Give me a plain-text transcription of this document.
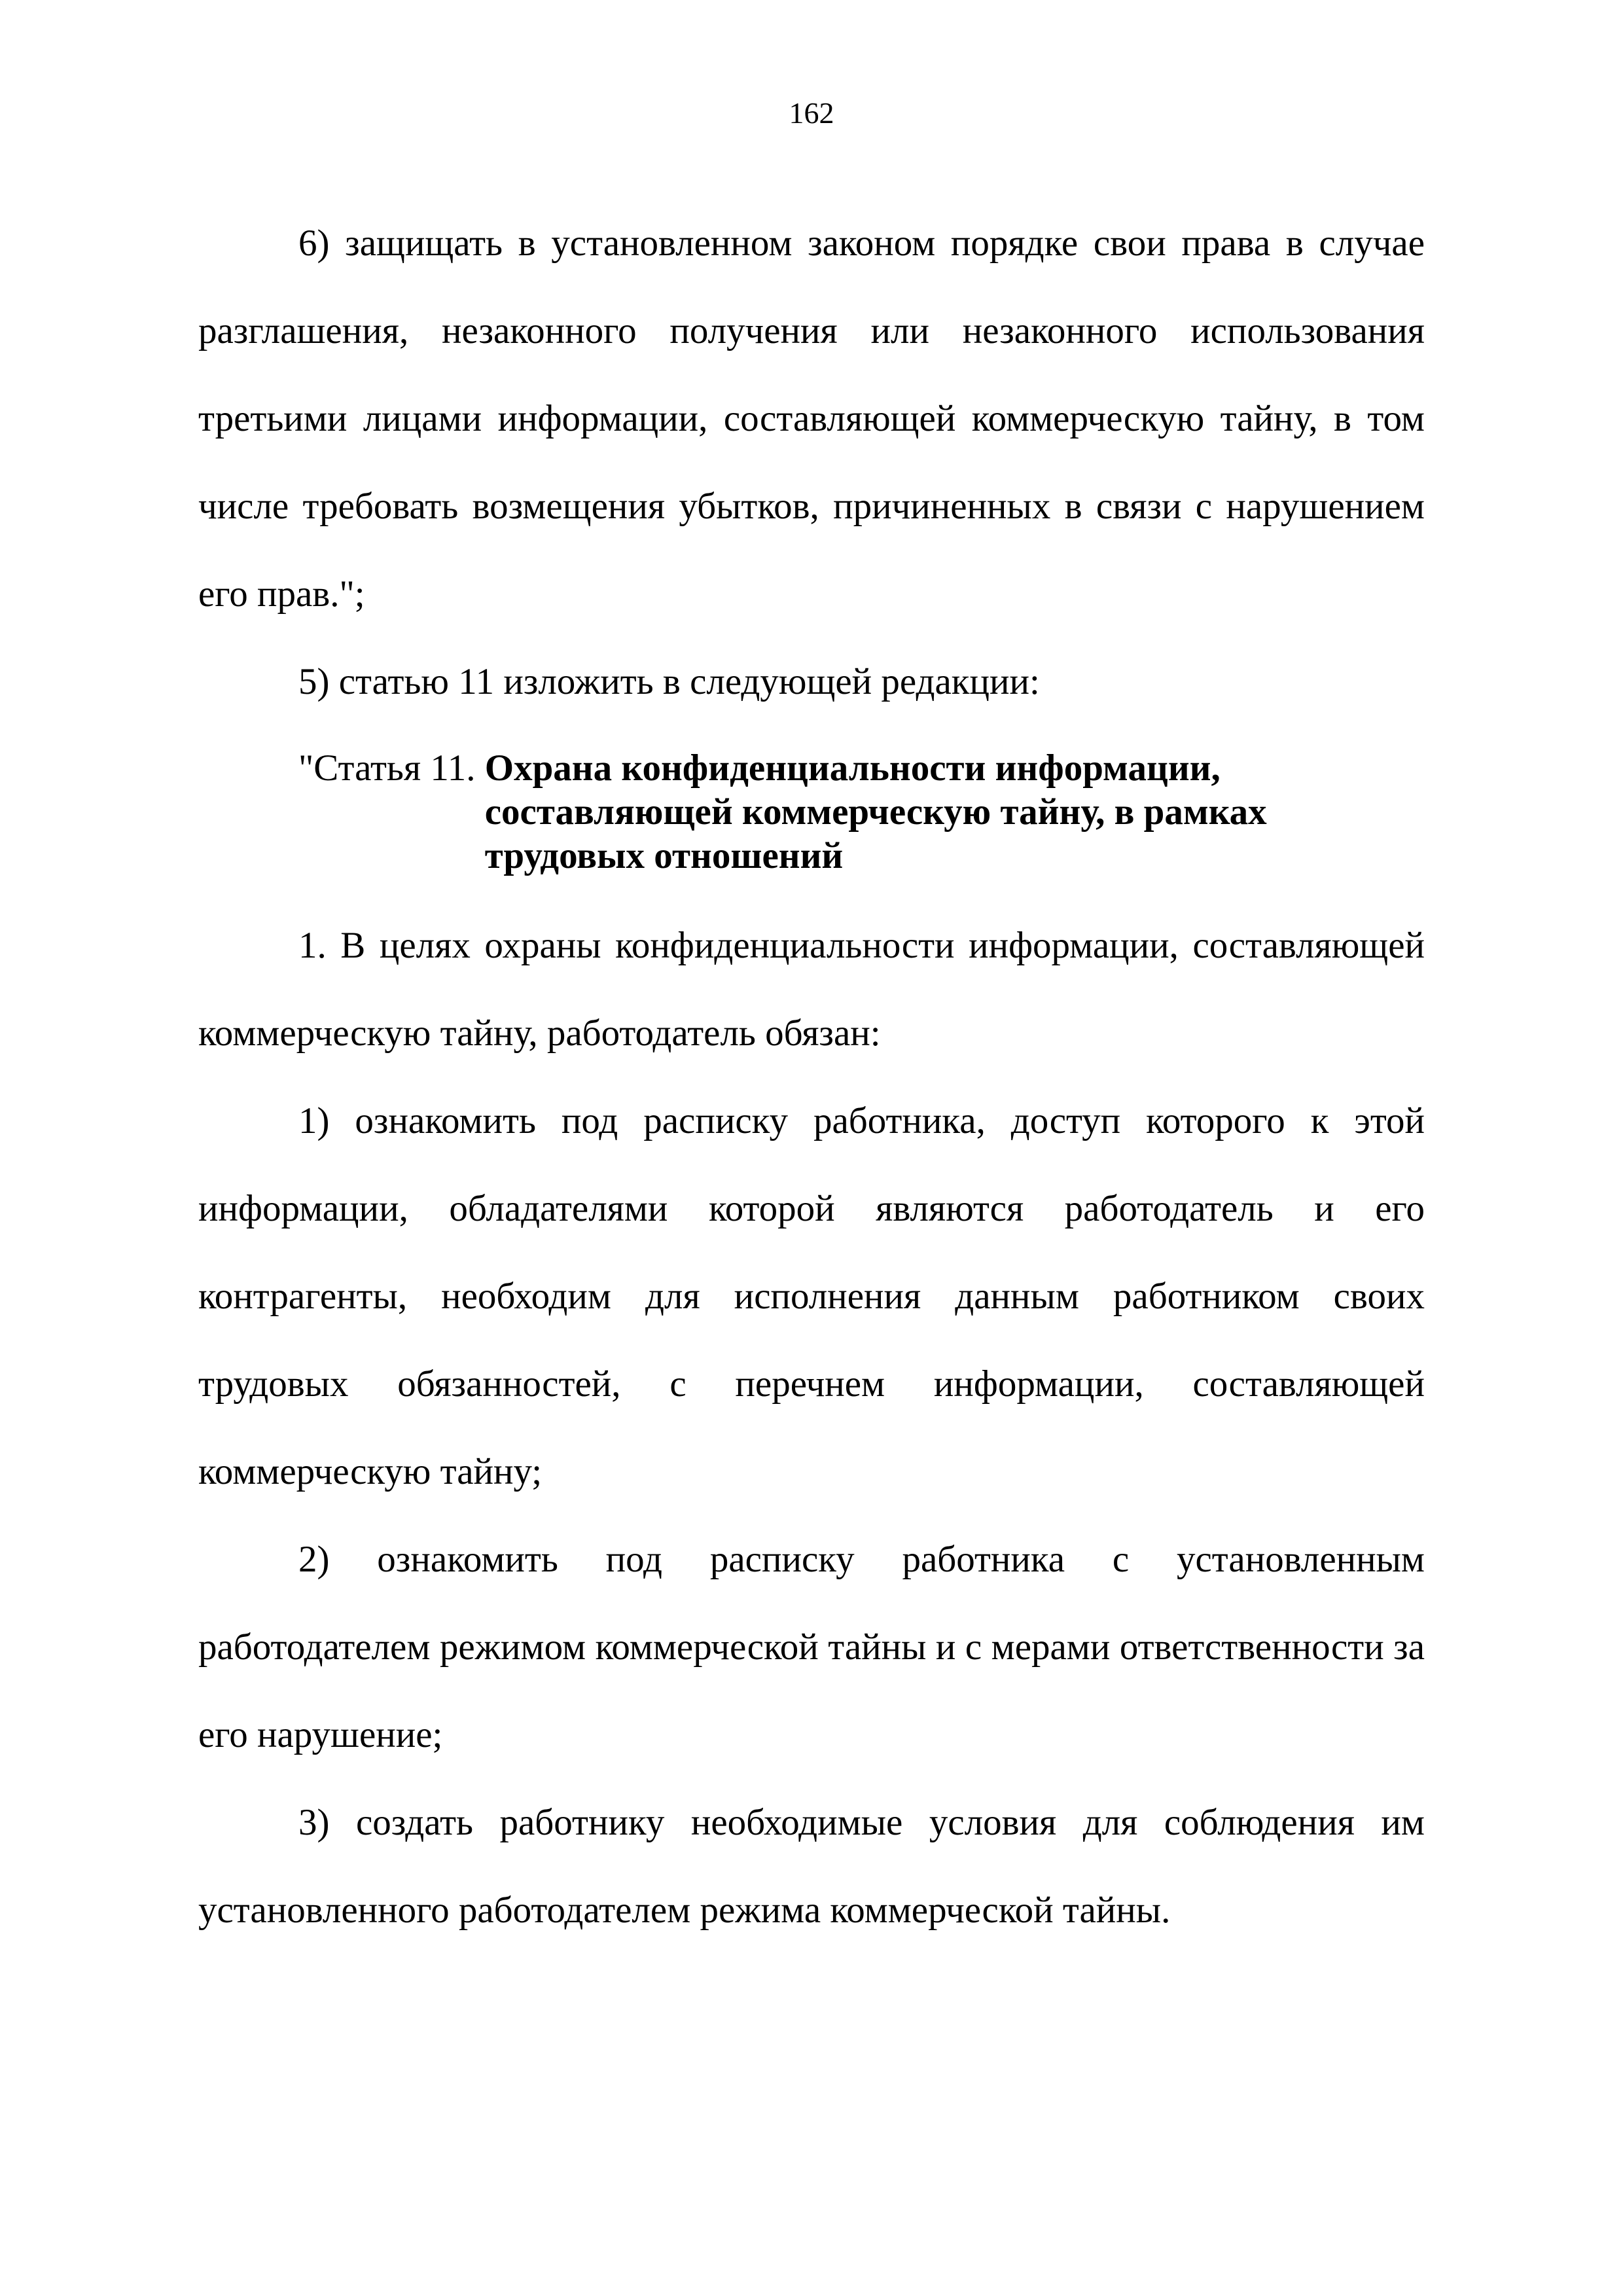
162

6) защищать в установленном законом порядке свои права в случае разглашения, незаконного получения или незаконного использования третьими лицами информации, составляющей коммерческую тайну, в том числе требовать возмещения убытков, причиненных в связи с нарушением его прав.";

5) статью 11 изложить в следующей редакции:

"Статья 11. Охрана конфиденциальности информации, составляющей коммерческую тайну, в рамках трудовых отношений

1. В целях охраны конфиденциальности информации, составляющей коммерческую тайну, работодатель обязан:

1) ознакомить под расписку работника, доступ которого к этой информации, обладателями которой являются работодатель и его контрагенты, необходим для исполнения данным работником своих трудовых обязанностей, с перечнем информации, составляющей коммерческую тайну;

2) ознакомить под расписку работника с установленным работодателем режимом коммерческой тайны и с мерами ответственности за его нарушение;

3) создать работнику необходимые условия для соблюдения им установленного работодателем режима коммерческой тайны.
